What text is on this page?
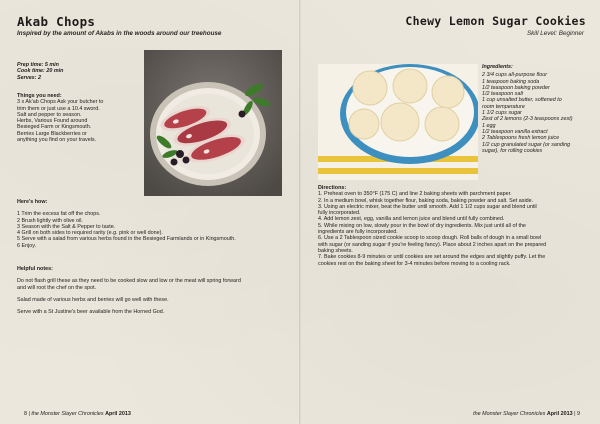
Akab Chops
Inspired by the amount of Akabs in the woods around our treehouse
Prep time: 5 min
Cook time: 20 min
Serves: 2
Things you need:
3 x Ak'ab Chops Ask your butcher to
trim them or just use a 10.4 sword.
Salt and pepper to season.
Herbs, Various Found around
Besieged Farm or Kingsmouth.
Berries Large Blackberries or
anything you find on your travels.
Here's how:
1 Trim the excess fat off the chops.
2 Brush lightly with olive oil.
3 Season with the Salt & Pepper to taste.
4 Grill on both sides to required rarity (e.g. pink or well done).
5 Serve with a salad from various herbs found in the Besieged Farmlands or in Kingsmouth.
6 Enjoy.
Helpful notes:
Do not flash grill these as they need to be cooked slow and low or the meat will spring forward
and will root the chef on the spot.
Salad made of various herbs and berries will go well with these.
Serve with a St Justine's beer available from the Horned God.
8 | the Monster Slayer Chronicles April 2013
Chewy Lemon Sugar Cookies
Skill Level: Beginner
Ingredients:
2 3/4 cups all-purpose flour
1 teaspoon baking soda
1/2 teaspoon baking powder
1/2 teaspoon salt
1 cup unsalted butter, softened to
room temperature
1 1/2 cups sugar
Zest of 2 lemons (2-3 teaspoons zest)
1 egg
1/2 teaspoon vanilla extract
2 Tablespoons fresh lemon juice
1/2 cup granulated sugar (or sanding
sugar), for rolling cookies
Directions:
1. Preheat oven to 350°F (175 C) and line 2 baking sheets with parchment paper.
2. In a medium bowl, whisk together flour, baking soda, baking powder and salt. Set aside.
3. Using an electric mixer, beat the butter until smooth. Add 1 1/2 cups sugar and blend until
fully incorporated.
4. Add lemon zest, egg, vanilla and lemon juice and blend until fully combined.
5. While mixing on low, slowly pour in the bowl of dry ingredients. Mix just until all of the
ingredients are fully incorporated.
6. Use a 2 Tablespoon sized cookie scoop to scoop dough. Roll balls of dough in a small bowl
with sugar (or sanding sugar if you're feeling fancy). Place about 2 inches apart on the prepared
baking sheets.
7. Bake cookies 8-9 minutes or until cookies are set around the edges and slightly puffy. Let the
cookies rest on the baking sheet for 3-4 minutes before moving to a cooling rack.
the Monster Slayer Chronicles April 2013 | 9
